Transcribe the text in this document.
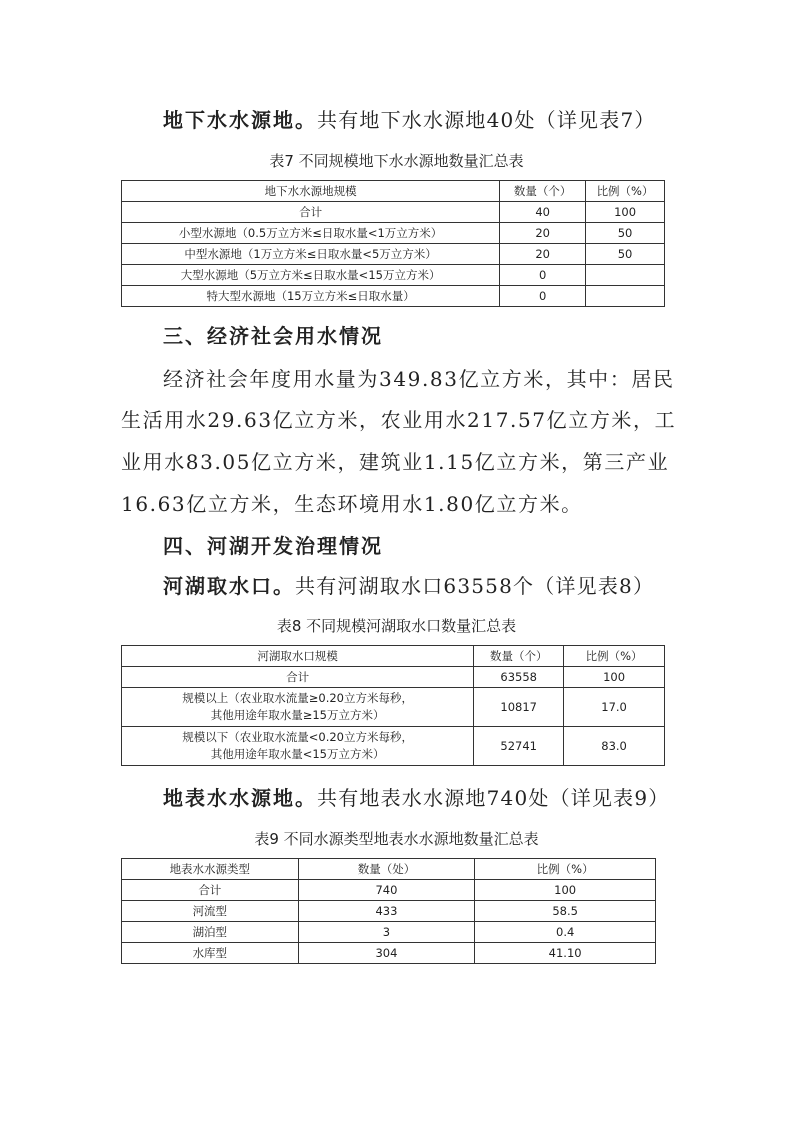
地下水水源地。共有地下水水源地40处（详见表7）
表7 不同规模地下水水源地数量汇总表
地下水水源地规模	数量（个）	比例（%）
合计	40	100
小型水源地（0.5万立方米≤日取水量<1万立方米）	20	50
中型水源地（1万立方米≤日取水量<5万立方米）	20	50
大型水源地（5万立方米≤日取水量<15万立方米）	0	
特大型水源地（15万立方米≤日取水量）	0	
三、经济社会用水情况
经济社会年度用水量为349.83亿立方米，其中：居民
生活用水29.63亿立方米，农业用水217.57亿立方米，工
业用水83.05亿立方米，建筑业1.15亿立方米，第三产业
16.63亿立方米，生态环境用水1.80亿立方米。
四、河湖开发治理情况
河湖取水口。共有河湖取水口63558个（详见表8）
表8 不同规模河湖取水口数量汇总表
河湖取水口规模	数量（个）	比例（%）
合计	63558	100

规模以上（农业取水流量≥0.20立方米每秒，
其他用途年取水量≥15万立方米）	10817	17.0

规模以下（农业取水流量<0.20立方米每秒，
其他用途年取水量<15万立方米）	52741	83.0
地表水水源地。共有地表水水源地740处（详见表9）
表9 不同水源类型地表水水源地数量汇总表
地表水水源类型	数量（处）	比例（%）
合计	740	100
河流型	433	58.5
湖泊型	3	0.4
水库型	304	41.10
